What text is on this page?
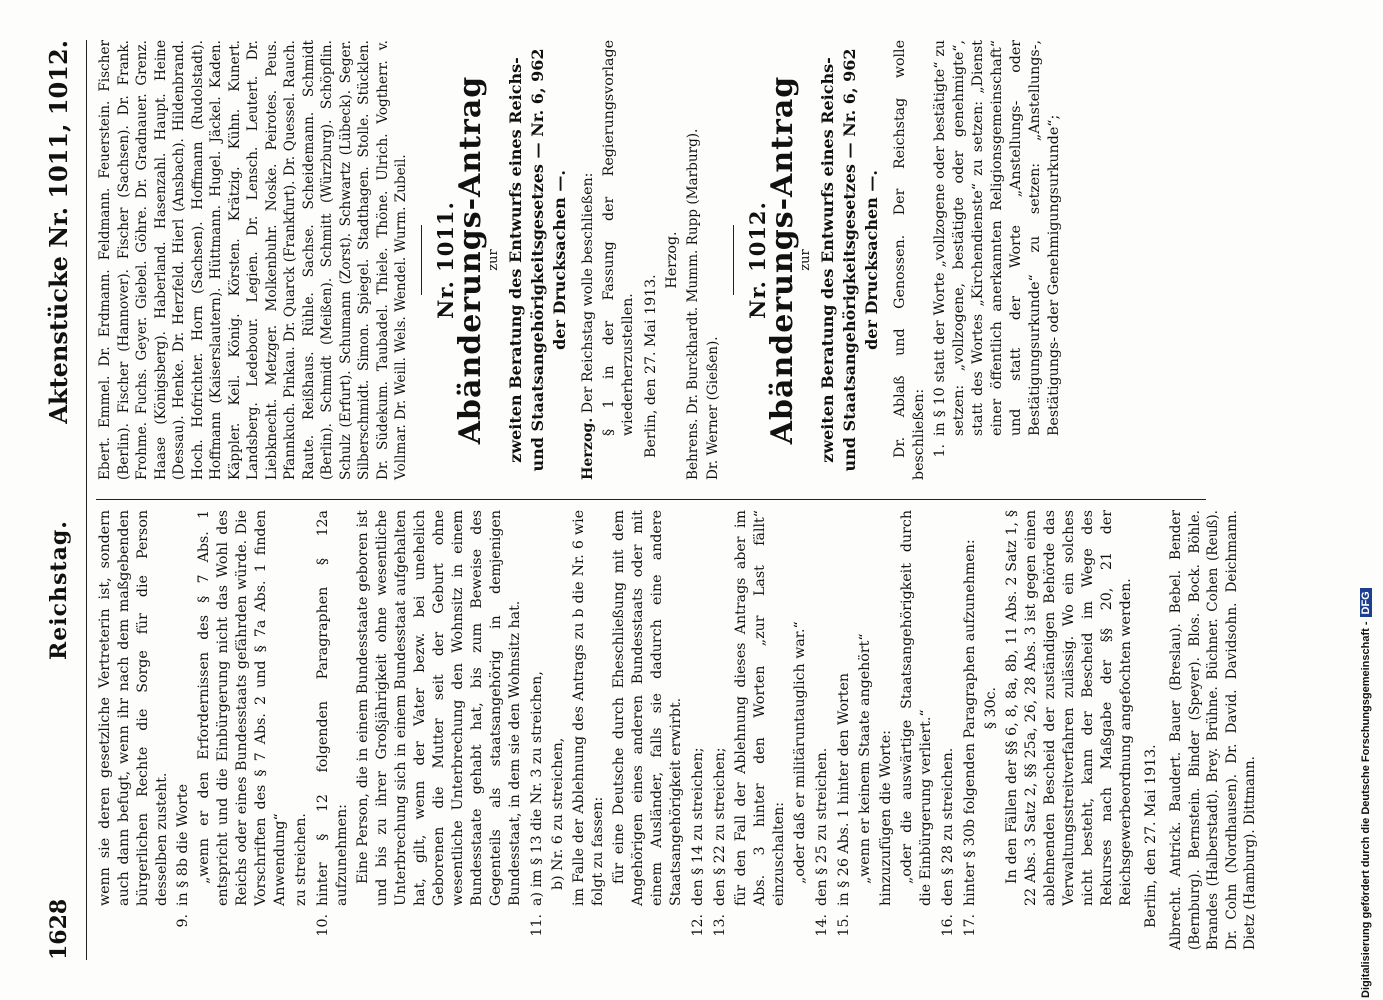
1628
Reichstag.
Aktenstücke Nr. 1011, 1012.

wenn sie deren gesetzliche Vertreterin ist, sondern auch dann befugt, wenn ihr nach dem maßgebenden bürgerlichen Rechte die Sorge für die Person desselben zusteht.

9.

in § 8b die Worte „wenn er den Erfordernissen des § 7 Abs. 1 entspricht und die Einbürgerung nicht das Wohl des Reichs oder eines Bundesstaats gefährden würde. Die Vorschriften des § 7 Abs. 2 und § 7a Abs. 1 finden Anwendung“ zu streichen.

10.

hinter § 12 folgenden Paragraphen § 12a aufzunehmen: Eine Person, die in einem Bundesstaate geboren ist und bis zu ihrer Großjährigkeit ohne wesentliche Unterbrechung sich in einem Bundesstaat aufgehalten hat, gilt, wenn der Vater bezw. bei unehelich Geborenen die Mutter seit der Geburt ohne wesentliche Unterbrechung den Wohnsitz in einem Bundesstaate gehabt hat, bis zum Beweise des Gegenteils als staatsangehörig in demjenigen Bundesstaat, in dem sie den Wohnsitz hat.

11.

a) im § 13 die Nr. 3 zu streichen, b) Nr. 6 zu streichen, im Falle der Ablehnung des Antrags zu b die Nr. 6 wie folgt zu fassen: für eine Deutsche durch Eheschließung mit dem Angehörigen eines anderen Bundesstaats oder mit einem Ausländer, falls sie dadurch eine andere Staatsangehörigkeit erwirbt.

12.

den § 14 zu streichen;

13.

den § 22 zu streichen; für den Fall der Ablehnung dieses Antrags aber im Abs. 3 hinter den Worten „zur Last fällt“ einzuschalten: „oder daß er militäruntauglich war.“

14.

den § 25 zu streichen.

15.

in § 26 Abs. 1 hinter den Worten „wenn er keinem Staate angehört“ hinzuzufügen die Worte: „oder die auswärtige Staatsangehörigkeit durch die Einbürgerung verliert.“

16.

den § 28 zu streichen.

17.

hinter § 30b folgenden Paragraphen aufzunehmen: § 30c. In den Fällen der §§ 6, 8, 8a, 8b, 11 Abs. 2 Satz 1, § 22 Abs. 3 Satz 2, §§ 25a, 26, 28 Abs. 3 ist gegen einen ablehnenden Bescheid der zuständigen Behörde das Verwaltungsstreitverfahren zulässig. Wo ein solches nicht besteht, kann der Bescheid im Wege des Rekurses nach Maßgabe der §§ 20, 21 der Reichsgewerbeordnung angefochten werden. Berlin, den 27. Mai 1913. Albrecht. Antrick. Baudert. Bauer (Breslau). Bebel. Bender (Bernburg). Bernstein. Binder (Speyer). Blos. Bock. Böhle. Brandes (Halberstadt). Brey. Brühne. Büchner. Cohen (Reuß). Dr. Cohn (Nordhausen). Dr. David. Davidsohn. Deichmann. Dietz (Hamburg). Dittmann.

Ebert. Emmel. Dr. Erdmann. Feldmann. Feuerstein. Fischer (Berlin). Fischer (Hannover). Fischer (Sachsen). Dr. Frank. Frohme. Fuchs. Geyer. Giebel. Göhre. Dr. Gradnauer. Grenz. Haase (Königsberg). Haberland. Hasenzahl. Haupt. Heine (Dessau). Henke. Dr. Herzfeld. Hierl (Ansbach). Hildenbrand. Hoch. Hofrichter. Horn (Sachsen). Hoffmann (Rudolstadt). Hoffmann (Kaiserslautern). Hüttmann. Hugel. Jäckel. Kaden. Käppler. Keil. König. Körsten. Krätzig. Kühn. Kunert. Landsberg. Ledebour. Legien. Dr. Lensch. Leutert. Dr. Liebknecht. Metzger. Molkenbuhr. Noske. Peirotes. Peus. Pfannkuch. Pinkau. Dr. Quarck (Frankfurt). Dr. Quessel. Rauch. Raute. Reißhaus. Rühle. Sachse. Scheidemann. Schmidt (Berlin). Schmidt (Meißen). Schmitt (Würzburg). Schöpflin. Schulz (Erfurt). Schumann (Zorst). Schwartz (Lübeck). Seger. Silberschmidt. Simon. Spiegel. Stadthagen. Stolle. Stücklen. Dr. Südekum. Taubadel. Thiele. Thöne. Ulrich. Vogtherr. v. Vollmar. Dr. Weill. Wels. Wendel. Wurm. Zubeil. Nr. 1011.
Abänderungs-Antrag
zur zweiten Beratung des Entwurfs eines Reichs- und Staatsangehörigkeitsgesetzes — Nr. 6, 962 der Drucksachen —.

Herzog. Der Reichstag wolle beschließen: § 1 in der Fassung der Regierungsvorlage wiederherzustellen. Berlin, den 27. Mai 1913.

Herzog. Behrens. Dr. Burckhardt. Mumm. Rupp (Marburg). Dr. Werner (Gießen).

Nr. 1012.
Abänderungs-Antrag
zur zweiten Beratung des Entwurfs eines Reichs- und Staatsangehörigkeitsgesetzes — Nr. 6, 962 der Drucksachen —. Dr. Ablaß und Genossen. Der Reichstag wolle beschließen: 1.

in § 10 statt der Worte „vollzogene oder bestätigte“ zu setzen: „vollzogene, bestätigte oder genehmigte“, statt des Wortes „Kirchendienste“ zu setzen: „Dienst einer öffentlich anerkannten Religionsgemeinschaft“ und statt der Worte „Anstellungs- oder Bestätigungsurkunde“ zu setzen: „Anstellungs-, Bestätigungs- oder Genehmigungsurkunde“;

Digitalisierung gefördert durch die Deutsche Forschungsgemeinschaft -DFG
